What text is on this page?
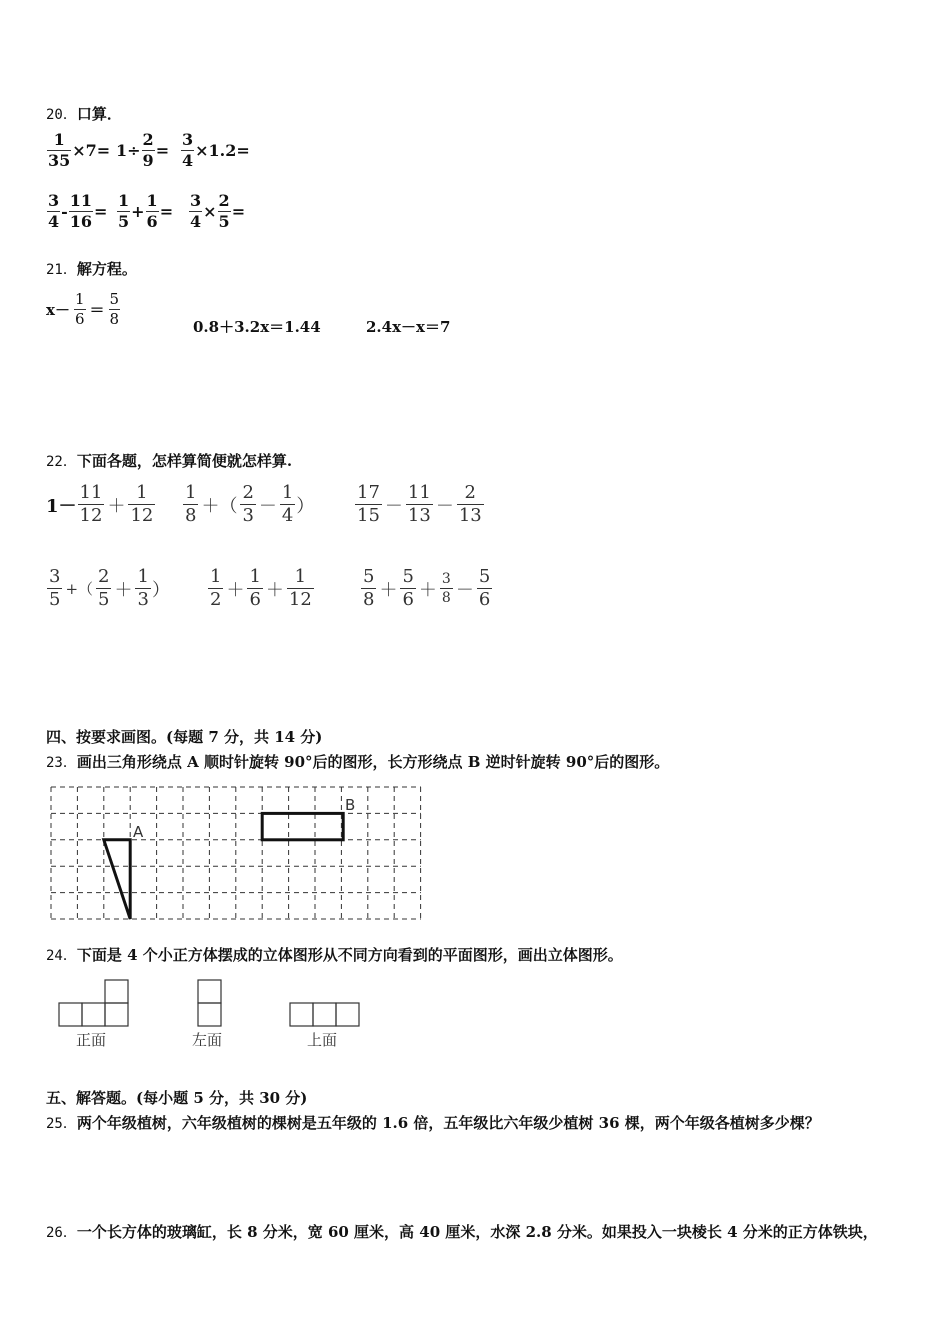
20．口算．
$\frac{1}{35} \times 7= 1\div \frac{2}{9} = \frac{3}{4} \times 1.2=$
$\frac{3}{4} - \frac{11}{16} = \frac{1}{5} + \frac{1}{6} = \frac{3}{4} \times \frac{2}{5}$ =
21．解方程。
$x- \frac{1}{6} = \frac{5}{8}$	0.8＋3.2x＝1.44	2.4x－x＝7
22．下面各题，怎样算简便就怎样算.
$1- \frac{11}{12} + \frac{1}{12} \frac{1}{8}$ ＋（ $\frac{2}{3} - \frac{1}{4}$ ） $\frac{17}{15} - \frac{11}{13} - \frac{2}{13}$
$\frac{3}{5}$ +（ $\frac{2}{5} + \frac{1}{3}$ ） $\frac{1}{2} + \frac{1}{6} + \frac{1}{12}$	$\frac{5}{8} + \frac{5}{6} + \frac{3}{8} - \frac{5}{6}$
四、按要求画图。(每题 7 分，共 14 分)
23．画出三角形绕点 A 顺时针旋转 90°后的图形，长方形绕点 B 逆时针旋转 90°后的图形。
A
B
24．下面是 4 个小正方体摆成的立体图形从不同方向看到的平面图形，画出立体图形。
正面	左面	上面
五、解答题。(每小题 5 分，共 30 分)
25．两个年级植树，六年级植树的棵树是五年级的 1.6 倍，五年级比六年级少植树 36 棵，两个年级各植树多少棵？
26．一个长方体的玻璃缸，长 8 分米，宽 60 厘米，高 40 厘米，水深 2.8 分米。如果投入一块棱长 4 分米的正方体铁块，
